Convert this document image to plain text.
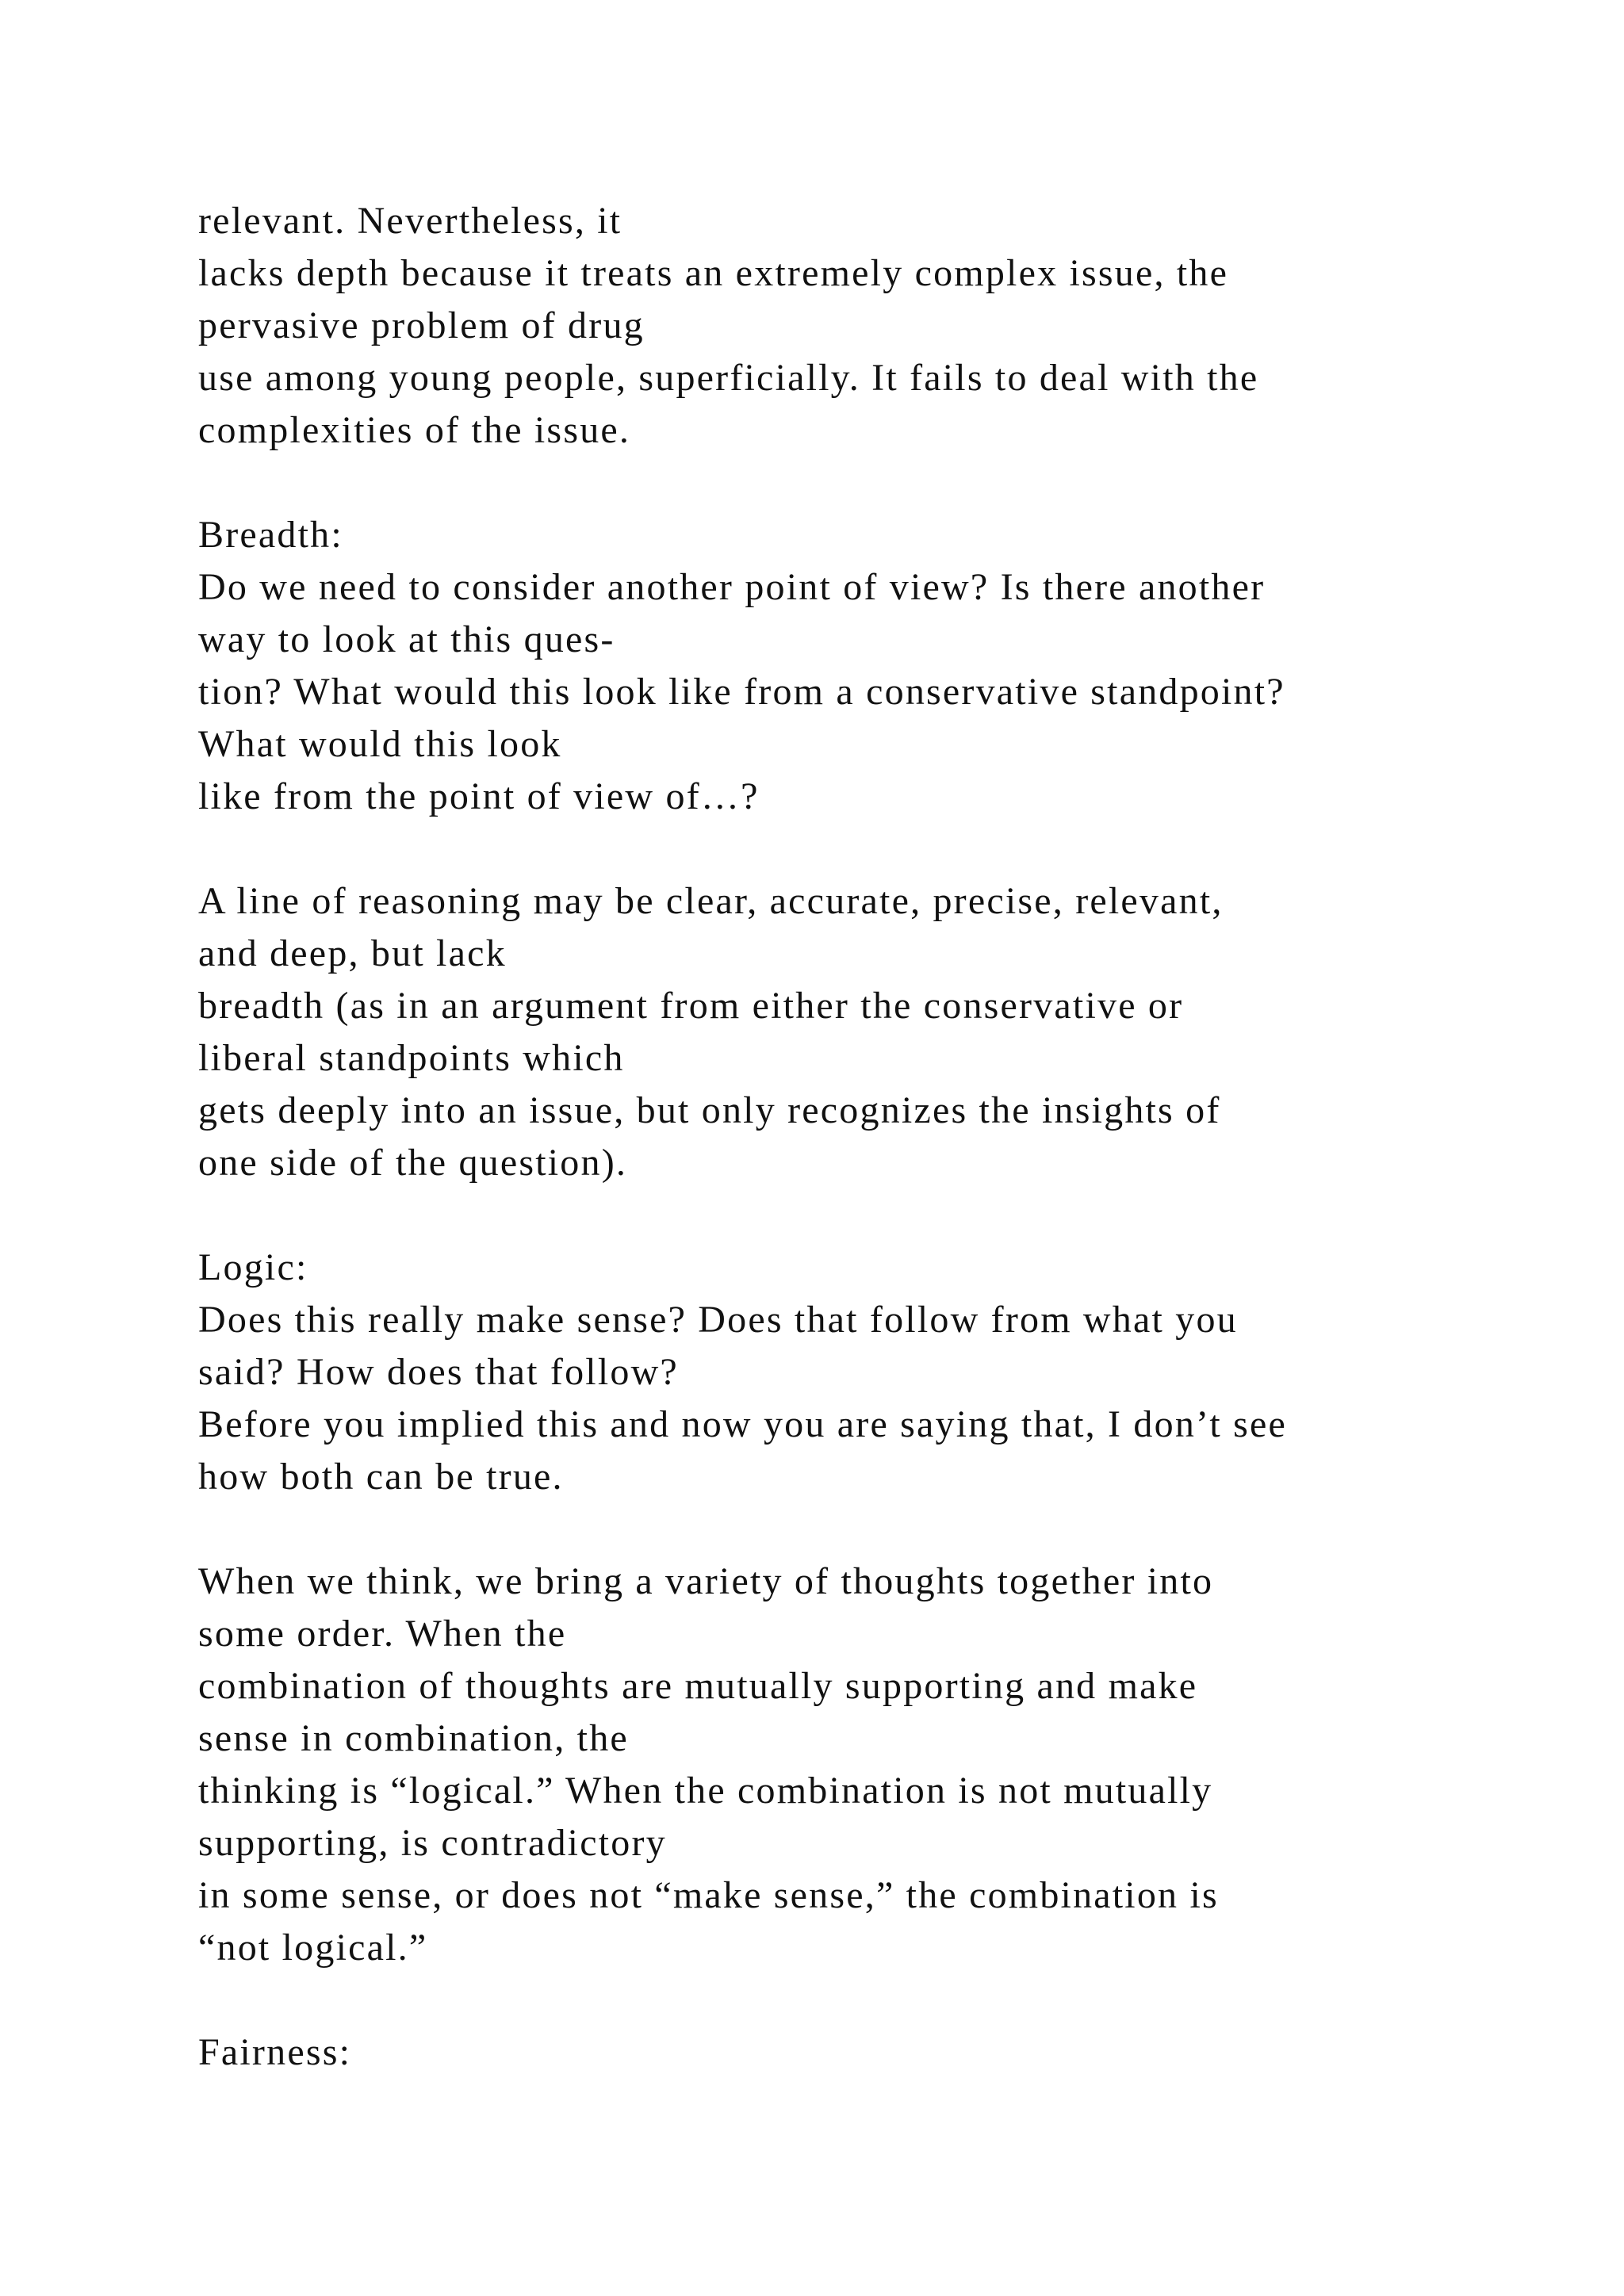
relevant. Nevertheless, it
lacks depth because it treats an extremely complex issue, the
pervasive problem of drug
use among young people, superficially. It fails to deal with the
complexities of the issue.
Breadth:
Do we need to consider another point of view? Is there another
way to look at this ques-
tion? What would this look like from a conservative standpoint?
What would this look
like from the point of view of…?
A line of reasoning may be clear, accurate, precise, relevant,
and deep, but lack
breadth (as in an argument from either the conservative or
liberal standpoints which
gets deeply into an issue, but only recognizes the insights of
one side of the question).
Logic:
Does this really make sense? Does that follow from what you
said? How does that follow?
Before you implied this and now you are saying that, I don’t see
how both can be true.
When we think, we bring a variety of thoughts together into
some order. When the
combination of thoughts are mutually supporting and make
sense in combination, the
thinking is “logical.” When the combination is not mutually
supporting, is contradictory
in some sense, or does not “make sense,” the combination is
“not logical.”
Fairness:
